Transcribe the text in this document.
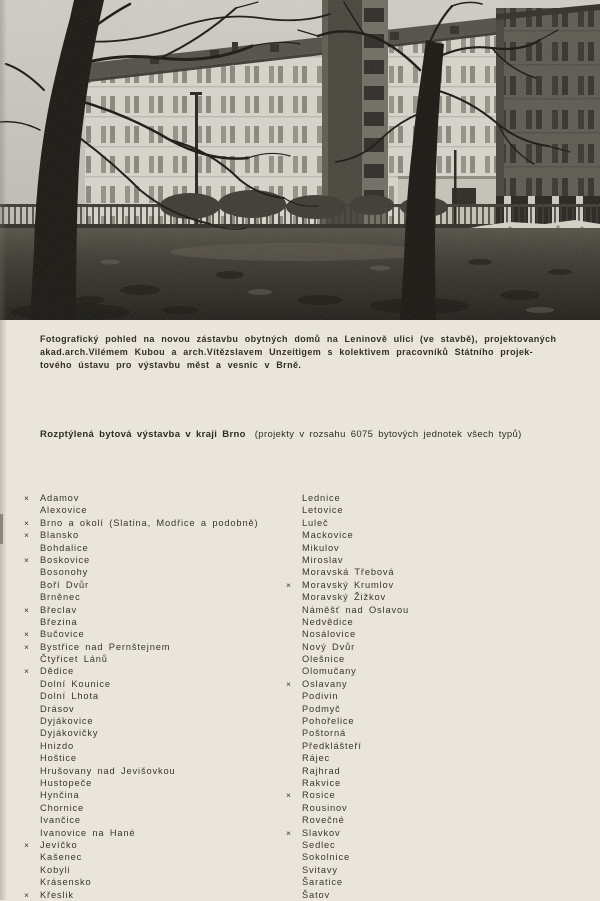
Fotografický pohled na novou zástavbu obytných domů na Leninově ulici (ve stavbě), projektovaných
akad.arch.Vilémem Kubou a arch.Vítězslavem Unzeitigem s kolektivem pracovníků Státního projek-
tového ústavu pro výstavbu měst a vesnic v Brně.
Rozptýlená bytová výstavba v kraji Brno (projekty v rozsahu 6075 bytových jednotek všech typů)
×	Adamov
Alexovice
×	Brno a okolí (Slatina, Modřice a podobně)
×	Blansko
Bohdalice
×	Boskovice
Bosonohy
Boří Dvůr
Brněnec
×	Břeclav
Březina
×	Bučovice
×	Bystřice nad Pernštejnem
Čtyřicet Lánů
×	Dědice
Dolní Kounice
Dolní Lhota
Drásov
Dyjákovice
Dyjákovičky
Hnizdo
Hoštice
Hrušovany nad Jevišovkou
Hustopeče
Hynčina
Chornice
Ivančice
Ivanovice na Hané
×	Jevíčko
Kašenec
Kobyli
Krásensko
×	Křeslik
Lednice
Letovice
Luleč
Mackovice
Mikulov
Miroslav
Moravská Třebová
×	Moravský Krumlov
Moravský Žižkov
Náměšť nad Oslavou
Nedvědice
Nosálovice
Nový Dvůr
Olešnice
Olomučany
×	Oslavany
Podivin
Podmyč
Pohořelice
Poštorná
Předklášteří
Rájec
Rajhrad
Rakvice
×	Rosice
Rousinov
Rovečné
×	Slavkov
Sedlec
Sokolnice
Svitavy
Šaratice
Šatov
